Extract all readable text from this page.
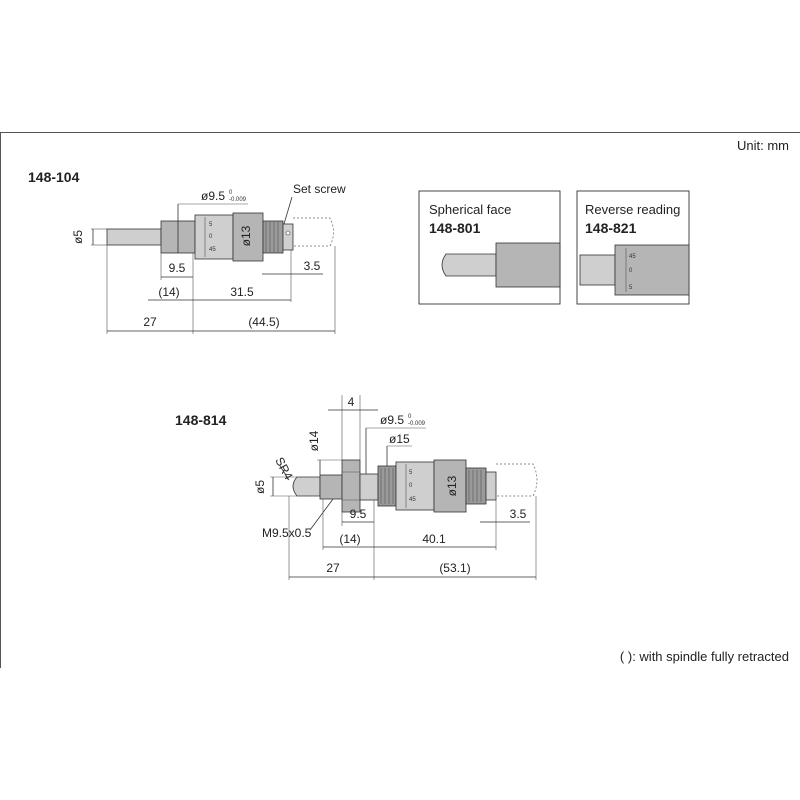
Unit: mm
( ): with spindle fully retracted
148-104
5
0
45
ø5
ø9.5 0
-0.009
ø13
Set screw
9.5	3.5
(14)	31.5
27	(44.5)
Spherical face
148-801
Reverse reading
148-821
45
0
5
148-814
5
0
45
ø13
ø5
SR4
ø14
4
ø9.5 0
-0.009
ø15
M9.5x0.5
9.5	3.5
(14)	40.1
27	(53.1)
